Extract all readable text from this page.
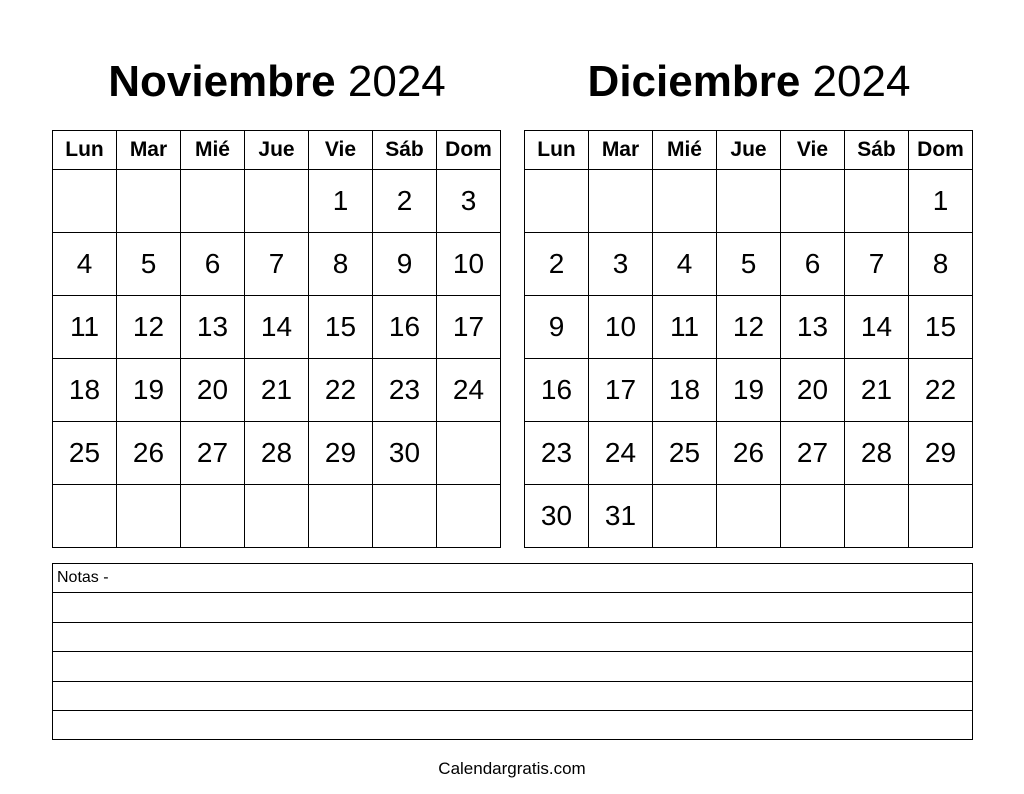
Noviembre 2024	Diciembre 2024
Lun	Mar	Mié	Jue	Vie	Sáb	Dom
				1	2	3
4	5	6	7	8	9	10
11	12	13	14	15	16	17
18	19	20	21	22	23	24
25	26	27	28	29	30	

Lun	Mar	Mié	Jue	Vie	Sáb	Dom
						1
2	3	4	5	6	7	8
9	10	11	12	13	14	15
16	17	18	19	20	21	22
23	24	25	26	27	28	29
30	31					
Notas -
Calendargratis.com
